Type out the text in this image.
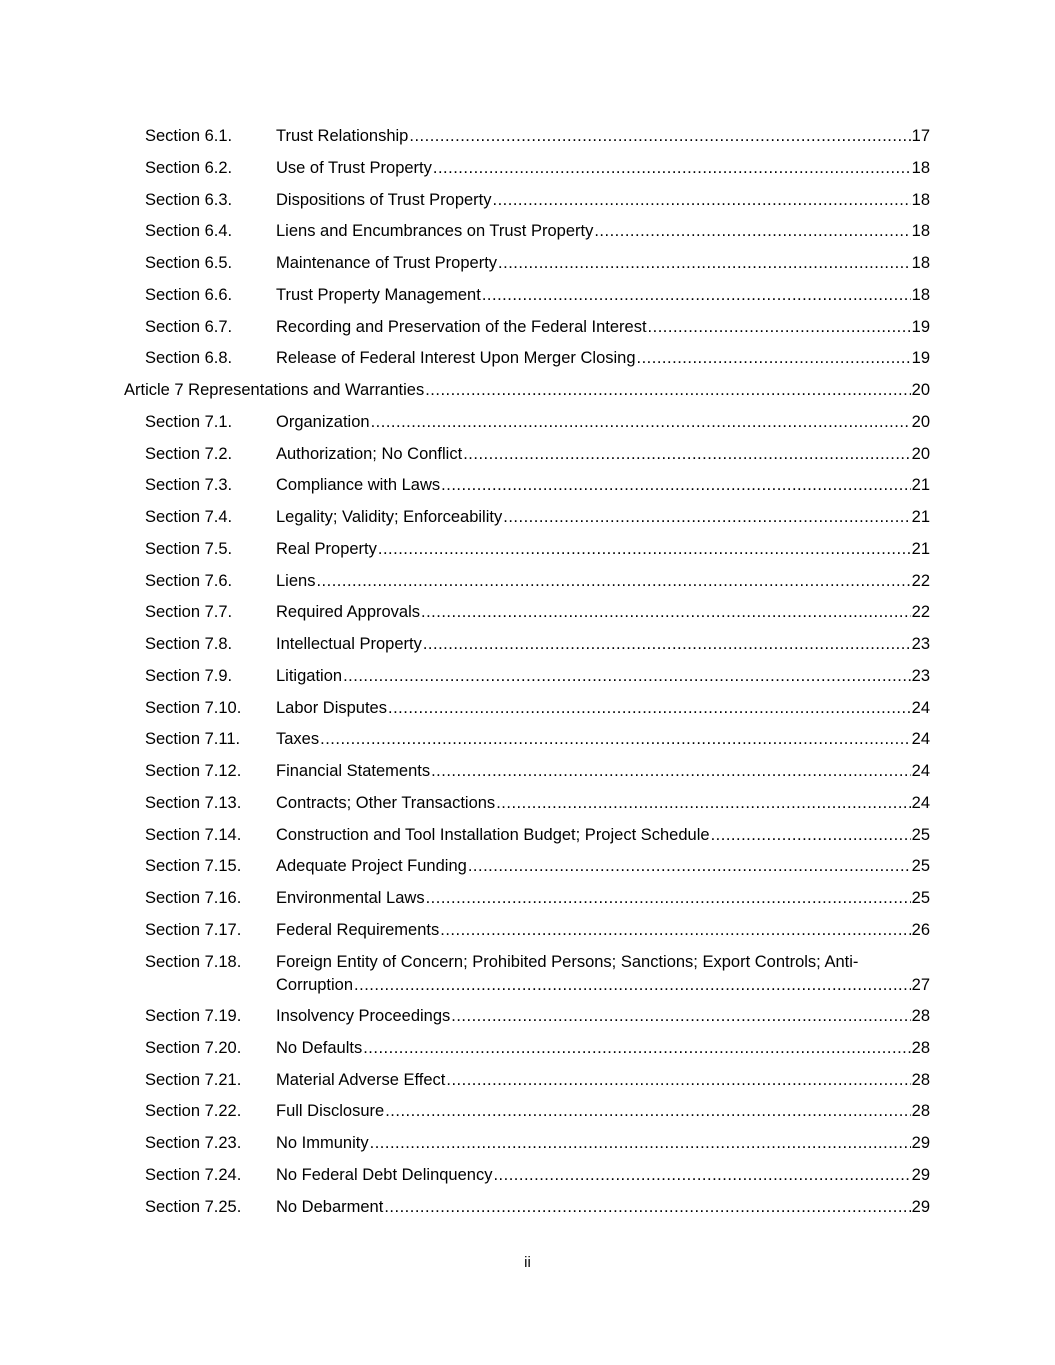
Section 6.1.	Trust Relationship .....	17
Section 6.2.	Use of Trust Property .....	18
Section 6.3.	Dispositions of Trust Property .....	18
Section 6.4.	Liens and Encumbrances on Trust Property .....	18
Section 6.5.	Maintenance of Trust Property .....	18
Section 6.6.	Trust Property Management .....	18
Section 6.7.	Recording and Preservation of the Federal Interest .....	19
Section 6.8.	Release of Federal Interest Upon Merger Closing .....	19
Article 7 Representations and Warranties .....	20
Section 7.1.	Organization .....	20
Section 7.2.	Authorization; No Conflict .....	20
Section 7.3.	Compliance with Laws .....	21
Section 7.4.	Legality; Validity; Enforceability .....	21
Section 7.5.	Real Property .....	21
Section 7.6.	Liens .....	22
Section 7.7.	Required Approvals .....	22
Section 7.8.	Intellectual Property .....	23
Section 7.9.	Litigation .....	23
Section 7.10. Labor Disputes .....	24
Section 7.11. Taxes .....	24
Section 7.12. Financial Statements .....	24
Section 7.13. Contracts; Other Transactions .....	24
Section 7.14. Construction and Tool Installation Budget; Project Schedule .....	25
Section 7.15. Adequate Project Funding .....	25
Section 7.16. Environmental Laws .....	25
Section 7.17. Federal Requirements .....	26
Section 7.18. Foreign Entity of Concern; Prohibited Persons; Sanctions; Export Controls; Anti-
Corruption .....	27
Section 7.19. Insolvency Proceedings .....	28
Section 7.20. No Defaults .....	28
Section 7.21. Material Adverse Effect .....	28
Section 7.22. Full Disclosure .....	28
Section 7.23. No Immunity .....	29
Section 7.24. No Federal Debt Delinquency .....	29
Section 7.25. No Debarment .....	29
ii
